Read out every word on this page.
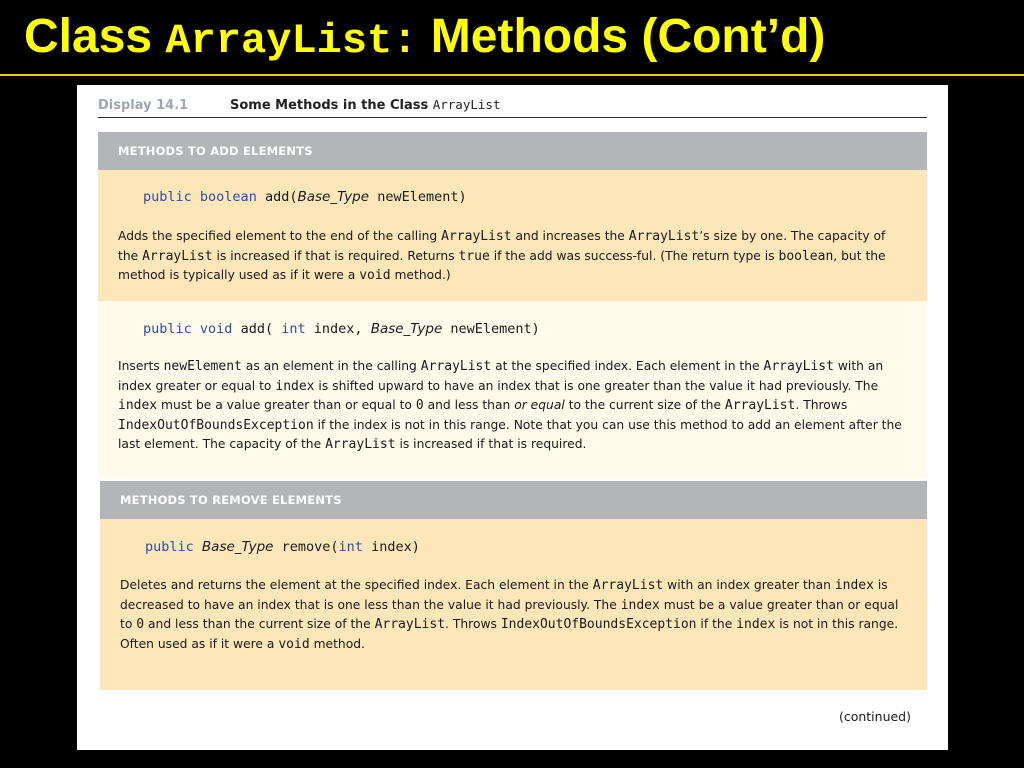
Class ArrayList: Methods (Cont’d)
Display 14.1	Some Methods in the Class ArrayList
METHODS TO ADD ELEMENTS
public boolean add(Base_Type newElement)
Adds the specified element to the end of the calling ArrayList and increases the ArrayList’s size by one. The capacity of the ArrayList is increased if that is required. Returns true if the add was success-ful. (The return type is boolean, but the method is typically used as if it were a void method.)
public void add( int index, Base_Type newElement)
Inserts newElement as an element in the calling ArrayList at the specified index. Each element in the ArrayList with an index greater or equal to index is shifted upward to have an index that is one greater than the value it had previously. The index must be a value greater than or equal to 0 and less than or equal to the current size of the ArrayList. Throws IndexOutOfBoundsException if the index is not in this range. Note that you can use this method to add an element after the last element. The capacity of the ArrayList is increased if that is required.
METHODS TO REMOVE ELEMENTS
public Base_Type remove(int index)
Deletes and returns the element at the specified index. Each element in the ArrayList with an index greater than index is decreased to have an index that is one less than the value it had previously. The index must be a value greater than or equal to 0 and less than the current size of the ArrayList. Throws IndexOutOfBoundsException if the index is not in this range. Often used as if it were a void method.
(continued)
